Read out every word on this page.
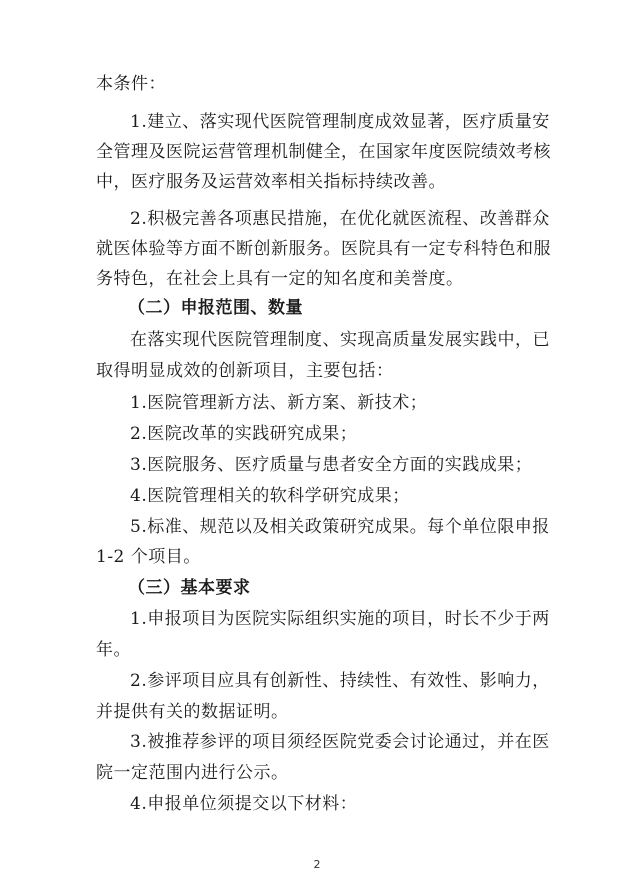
本条件：
1.建立、落实现代医院管理制度成效显著，医疗质量安
全管理及医院运营管理机制健全，在国家年度医院绩效考核
中，医疗服务及运营效率相关指标持续改善。
2.积极完善各项惠民措施，在优化就医流程、改善群众
就医体验等方面不断创新服务。医院具有一定专科特色和服
务特色，在社会上具有一定的知名度和美誉度。
（二）申报范围、数量
在落实现代医院管理制度、实现高质量发展实践中，已
取得明显成效的创新项目，主要包括：
1.医院管理新方法、新方案、新技术；
2.医院改革的实践研究成果；
3.医院服务、医疗质量与患者安全方面的实践成果；
4.医院管理相关的软科学研究成果；
5.标准、规范以及相关政策研究成果。每个单位限申报
1-2 个项目。
（三）基本要求
1.申报项目为医院实际组织实施的项目，时长不少于两
年。
2.参评项目应具有创新性、持续性、有效性、影响力，
并提供有关的数据证明。
3.被推荐参评的项目须经医院党委会讨论通过，并在医
院一定范围内进行公示。
4.申报单位须提交以下材料：
2
